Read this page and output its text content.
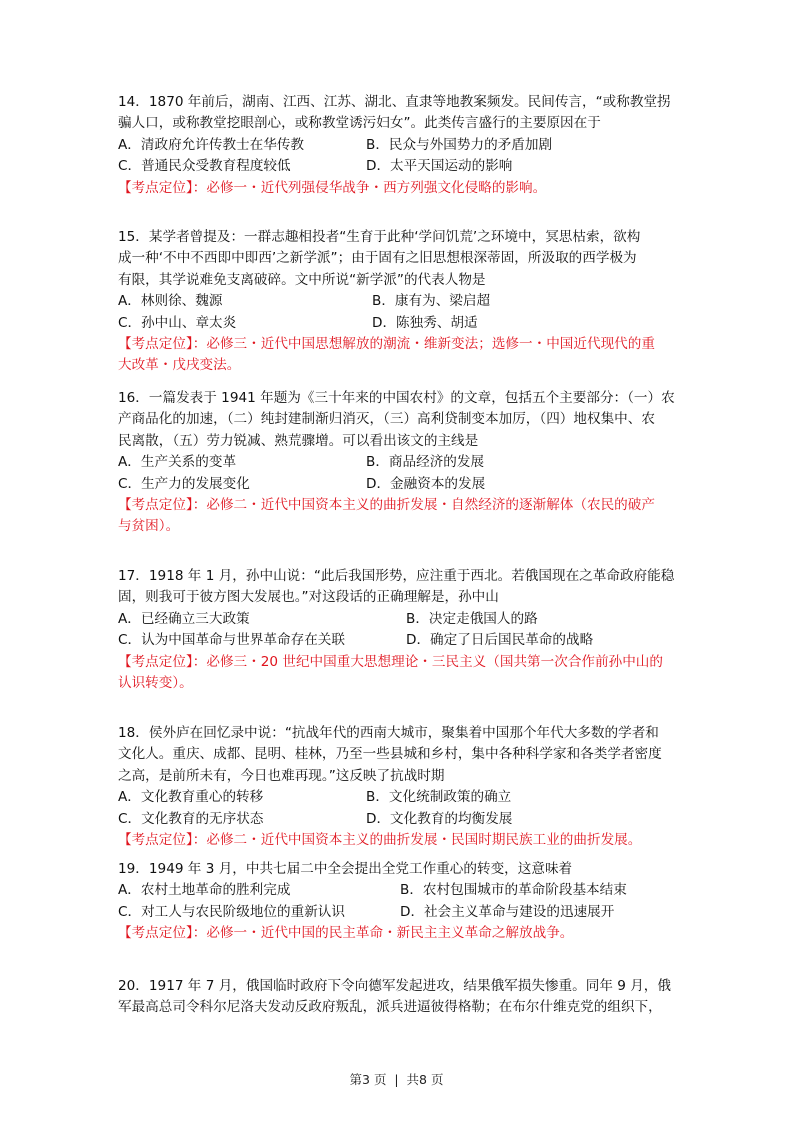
14．1870 年前后，湖南、江西、江苏、湖北、直隶等地教案频发。民间传言，“或称教堂拐
骗人口，或称教堂挖眼剖心，或称教堂诱污妇女”。此类传言盛行的主要原因在于
A．清政府允许传教士在华传教	B．民众与外国势力的矛盾加剧
C．普通民众受教育程度较低	D．太平天国运动的影响
【考点定位】：必修一・近代列强侵华战争・西方列强文化侵略的影响。
15．某学者曾提及：一群志趣相投者“生育于此种‘学问饥荒’之环境中，冥思枯索，欲构
成一种‘不中不西即中即西’之新学派”；由于固有之旧思想根深蒂固，所汲取的西学极为
有限，其学说难免支离破碎。文中所说“新学派”的代表人物是
A．林则徐、魏源	B．康有为、梁启超
C．孙中山、章太炎	D．陈独秀、胡适
【考点定位】：必修三・近代中国思想解放的潮流・维新变法；选修一・中国近代现代的重
大改革・戊戌变法。
16．一篇发表于 1941 年题为《三十年来的中国农村》的文章，包括五个主要部分：（一）农
产商品化的加速，（二）纯封建制渐归消灭，（三）高利贷制变本加厉，（四）地权集中、农
民离散，（五）劳力锐减、熟荒骤增。可以看出该文的主线是
A．生产关系的变革	B．商品经济的发展
C．生产力的发展变化	D．金融资本的发展
【考点定位】：必修二・近代中国资本主义的曲折发展・自然经济的逐渐解体（农民的破产
与贫困）。
17．1918 年 1 月，孙中山说：“此后我国形势，应注重于西北。若俄国现在之革命政府能稳
固，则我可于彼方图大发展也。”对这段话的正确理解是，孙中山
A．已经确立三大政策	B．决定走俄国人的路
C．认为中国革命与世界革命存在关联	D．确定了日后国民革命的战略
【考点定位】：必修三・20 世纪中国重大思想理论・三民主义（国共第一次合作前孙中山的
认识转变）。
18．侯外庐在回忆录中说：“抗战年代的西南大城市，聚集着中国那个年代大多数的学者和
文化人。重庆、成都、昆明、桂林，乃至一些县城和乡村，集中各种科学家和各类学者密度
之高，是前所未有，今日也难再现。”这反映了抗战时期
A．文化教育重心的转移	B．文化统制政策的确立
C．文化教育的无序状态	D．文化教育的均衡发展
【考点定位】：必修二・近代中国资本主义的曲折发展・民国时期民族工业的曲折发展。
19．1949 年 3 月，中共七届二中全会提出全党工作重心的转变，这意味着
A．农村土地革命的胜利完成	B．农村包围城市的革命阶段基本结束
C．对工人与农民阶级地位的重新认识	D．社会主义革命与建设的迅速展开
【考点定位】：必修一・近代中国的民主革命・新民主主义革命之解放战争。
20．1917 年 7 月，俄国临时政府下令向德军发起进攻，结果俄军损失惨重。同年 9 月，俄
军最高总司令科尔尼洛夫发动反政府叛乱，派兵进逼彼得格勒；在布尔什维克党的组织下，
第3 页  |  共8 页
